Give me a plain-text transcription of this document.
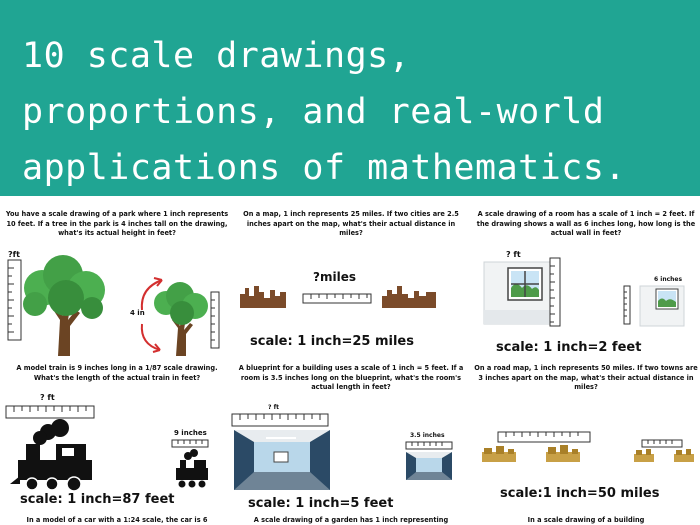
10 scale drawings,
proportions, and real-world
applications of mathematics.

You have a scale drawing of a park where 1 inch represents 10 feet. If a tree in the park is 4 inches tall on the drawing, what's its actual height in feet?

?ft
4 in

On a map, 1 inch represents 25 miles. If two cities are 2.5 inches apart on the map, what's their actual distance in miles?

?miles
scale: 1 inch=25 miles

A scale drawing of a room has a scale of 1 inch = 2 feet. If the drawing shows a wall as 6 inches long, how long is the actual wall in feet?

? ft
6 inches
scale: 1 inch=2 feet

A model train is 9 inches long in a 1/87 scale drawing. What's the length of the actual train in feet?

? ft
9 inches
scale: 1 inch=87 feet

A blueprint for a building uses a scale of 1 inch = 5 feet. If a room is 3.5 inches long on the blueprint, what's the room's actual length in feet?

? ft
3.5 inches
scale: 1 inch=5 feet

On a road map, 1 inch represents 50 miles. If two towns are 3 inches apart on the map, what's their actual distance in miles?

scale:1 inch=50 miles

In a model of a car with a 1:24 scale, the car is 6	A scale drawing of a garden has 1 inch representing	In a scale drawing of a building
